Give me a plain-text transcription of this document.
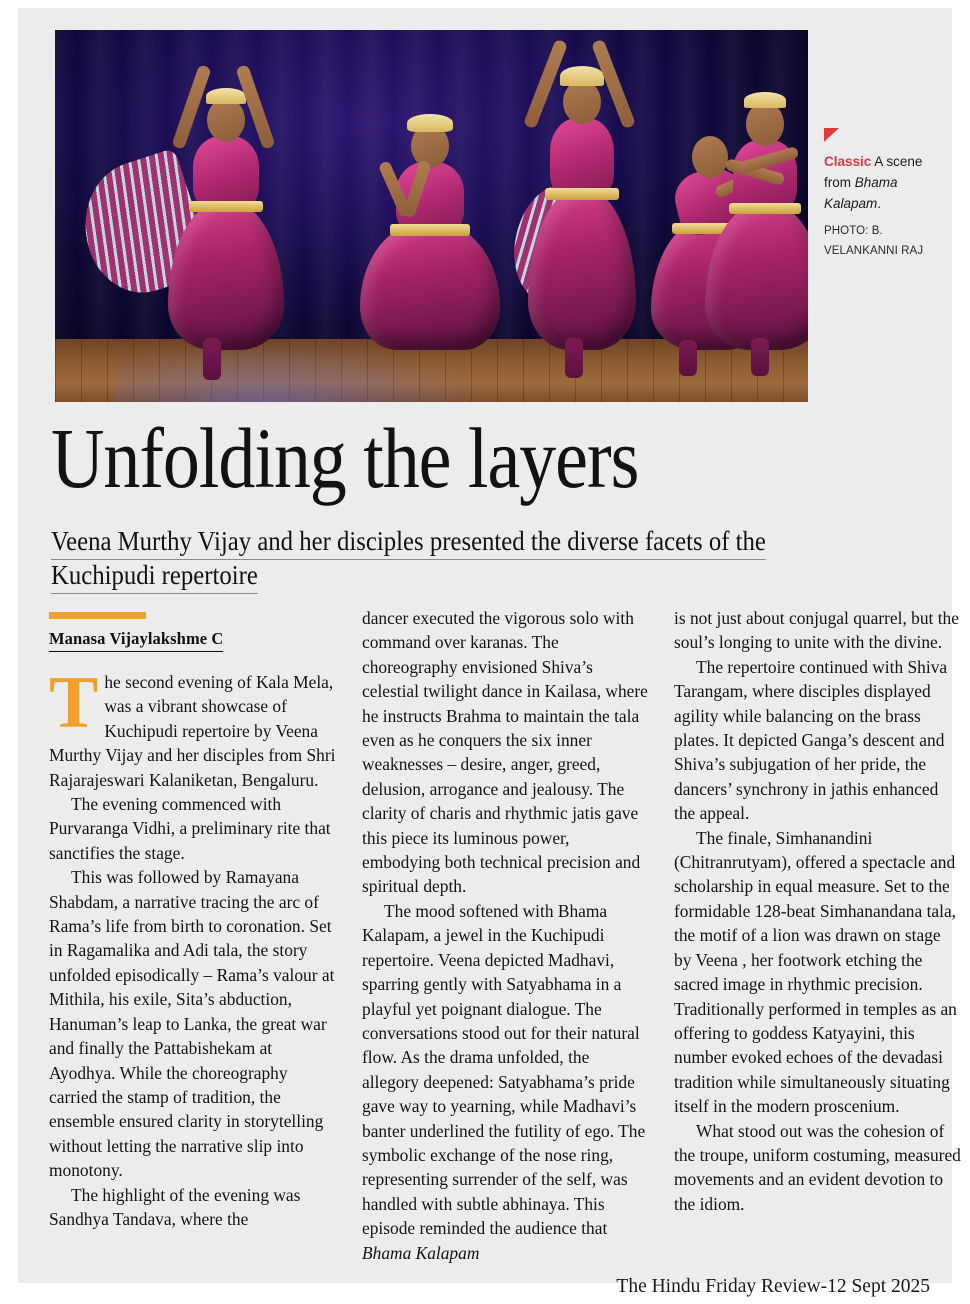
Classic A scene from Bhama Kalapam.
PHOTO: B. VELANKANNI RAJ
Unfolding the layers
Veena Murthy Vijay and her disciples presented the diverse facets of the Kuchipudi repertoire
Manasa Vijaylakshme C

The second evening of Kala Mela, was a vibrant showcase of Kuchipudi repertoire by Veena Murthy Vijay and her disciples from Shri Rajarajeswari Kalaniketan, Bengaluru.

The evening commenced with Purvaranga Vidhi, a preliminary rite that sanctifies the stage.

This was followed by Ramayana Shabdam, a narrative tracing the arc of Rama’s life from birth to coronation. Set in Ragamalika and Adi tala, the story unfolded episodically – Rama’s valour at Mithila, his exile, Sita’s abduction, Hanuman’s leap to Lanka, the great war and finally the Pattabishekam at Ayodhya. While the choreography carried the stamp of tradition, the ensemble ensured clarity in storytelling without letting the narrative slip into monotony.

The highlight of the evening was Sandhya Tandava, where the

dancer executed the vigorous solo with command over karanas. The choreography envisioned Shiva’s celestial twilight dance in Kailasa, where he instructs Brahma to maintain the tala even as he conquers the six inner weaknesses – desire, anger, greed, delusion, arrogance and jealousy. The clarity of charis and rhythmic jatis gave this piece its luminous power, embodying both technical precision and spiritual depth.

The mood softened with Bhama Kalapam, a jewel in the Kuchipudi repertoire. Veena depicted Madhavi, sparring gently with Satyabhama in a playful yet poignant dialogue. The conversations stood out for their natural flow. As the drama unfolded, the allegory deepened: Satyabhama’s pride gave way to yearning, while Madhavi’s banter underlined the futility of ego. The symbolic exchange of the nose ring, representing surrender of the self, was handled with subtle abhinaya. This episode reminded the audience that Bhama Kalapam

is not just about conjugal quarrel, but the soul’s longing to unite with the divine.

The repertoire continued with Shiva Tarangam, where disciples displayed agility while balancing on the brass plates. It depicted Ganga’s descent and Shiva’s subjugation of her pride, the dancers’ synchrony in jathis enhanced the appeal.

The finale, Simhanandini (Chitranrutyam), offered a spectacle and scholarship in equal measure. Set to the formidable 128-beat Simhanandana tala, the motif of a lion was drawn on stage by Veena , her footwork etching the sacred image in rhythmic precision. Traditionally performed in temples as an offering to goddess Katyayini, this number evoked echoes of the devadasi tradition while simultaneously situating itself in the modern proscenium.

What stood out was the cohesion of the troupe, uniform costuming, measured movements and an evident devotion to the idiom.

The Hindu Friday Review-12 Sept 2025
